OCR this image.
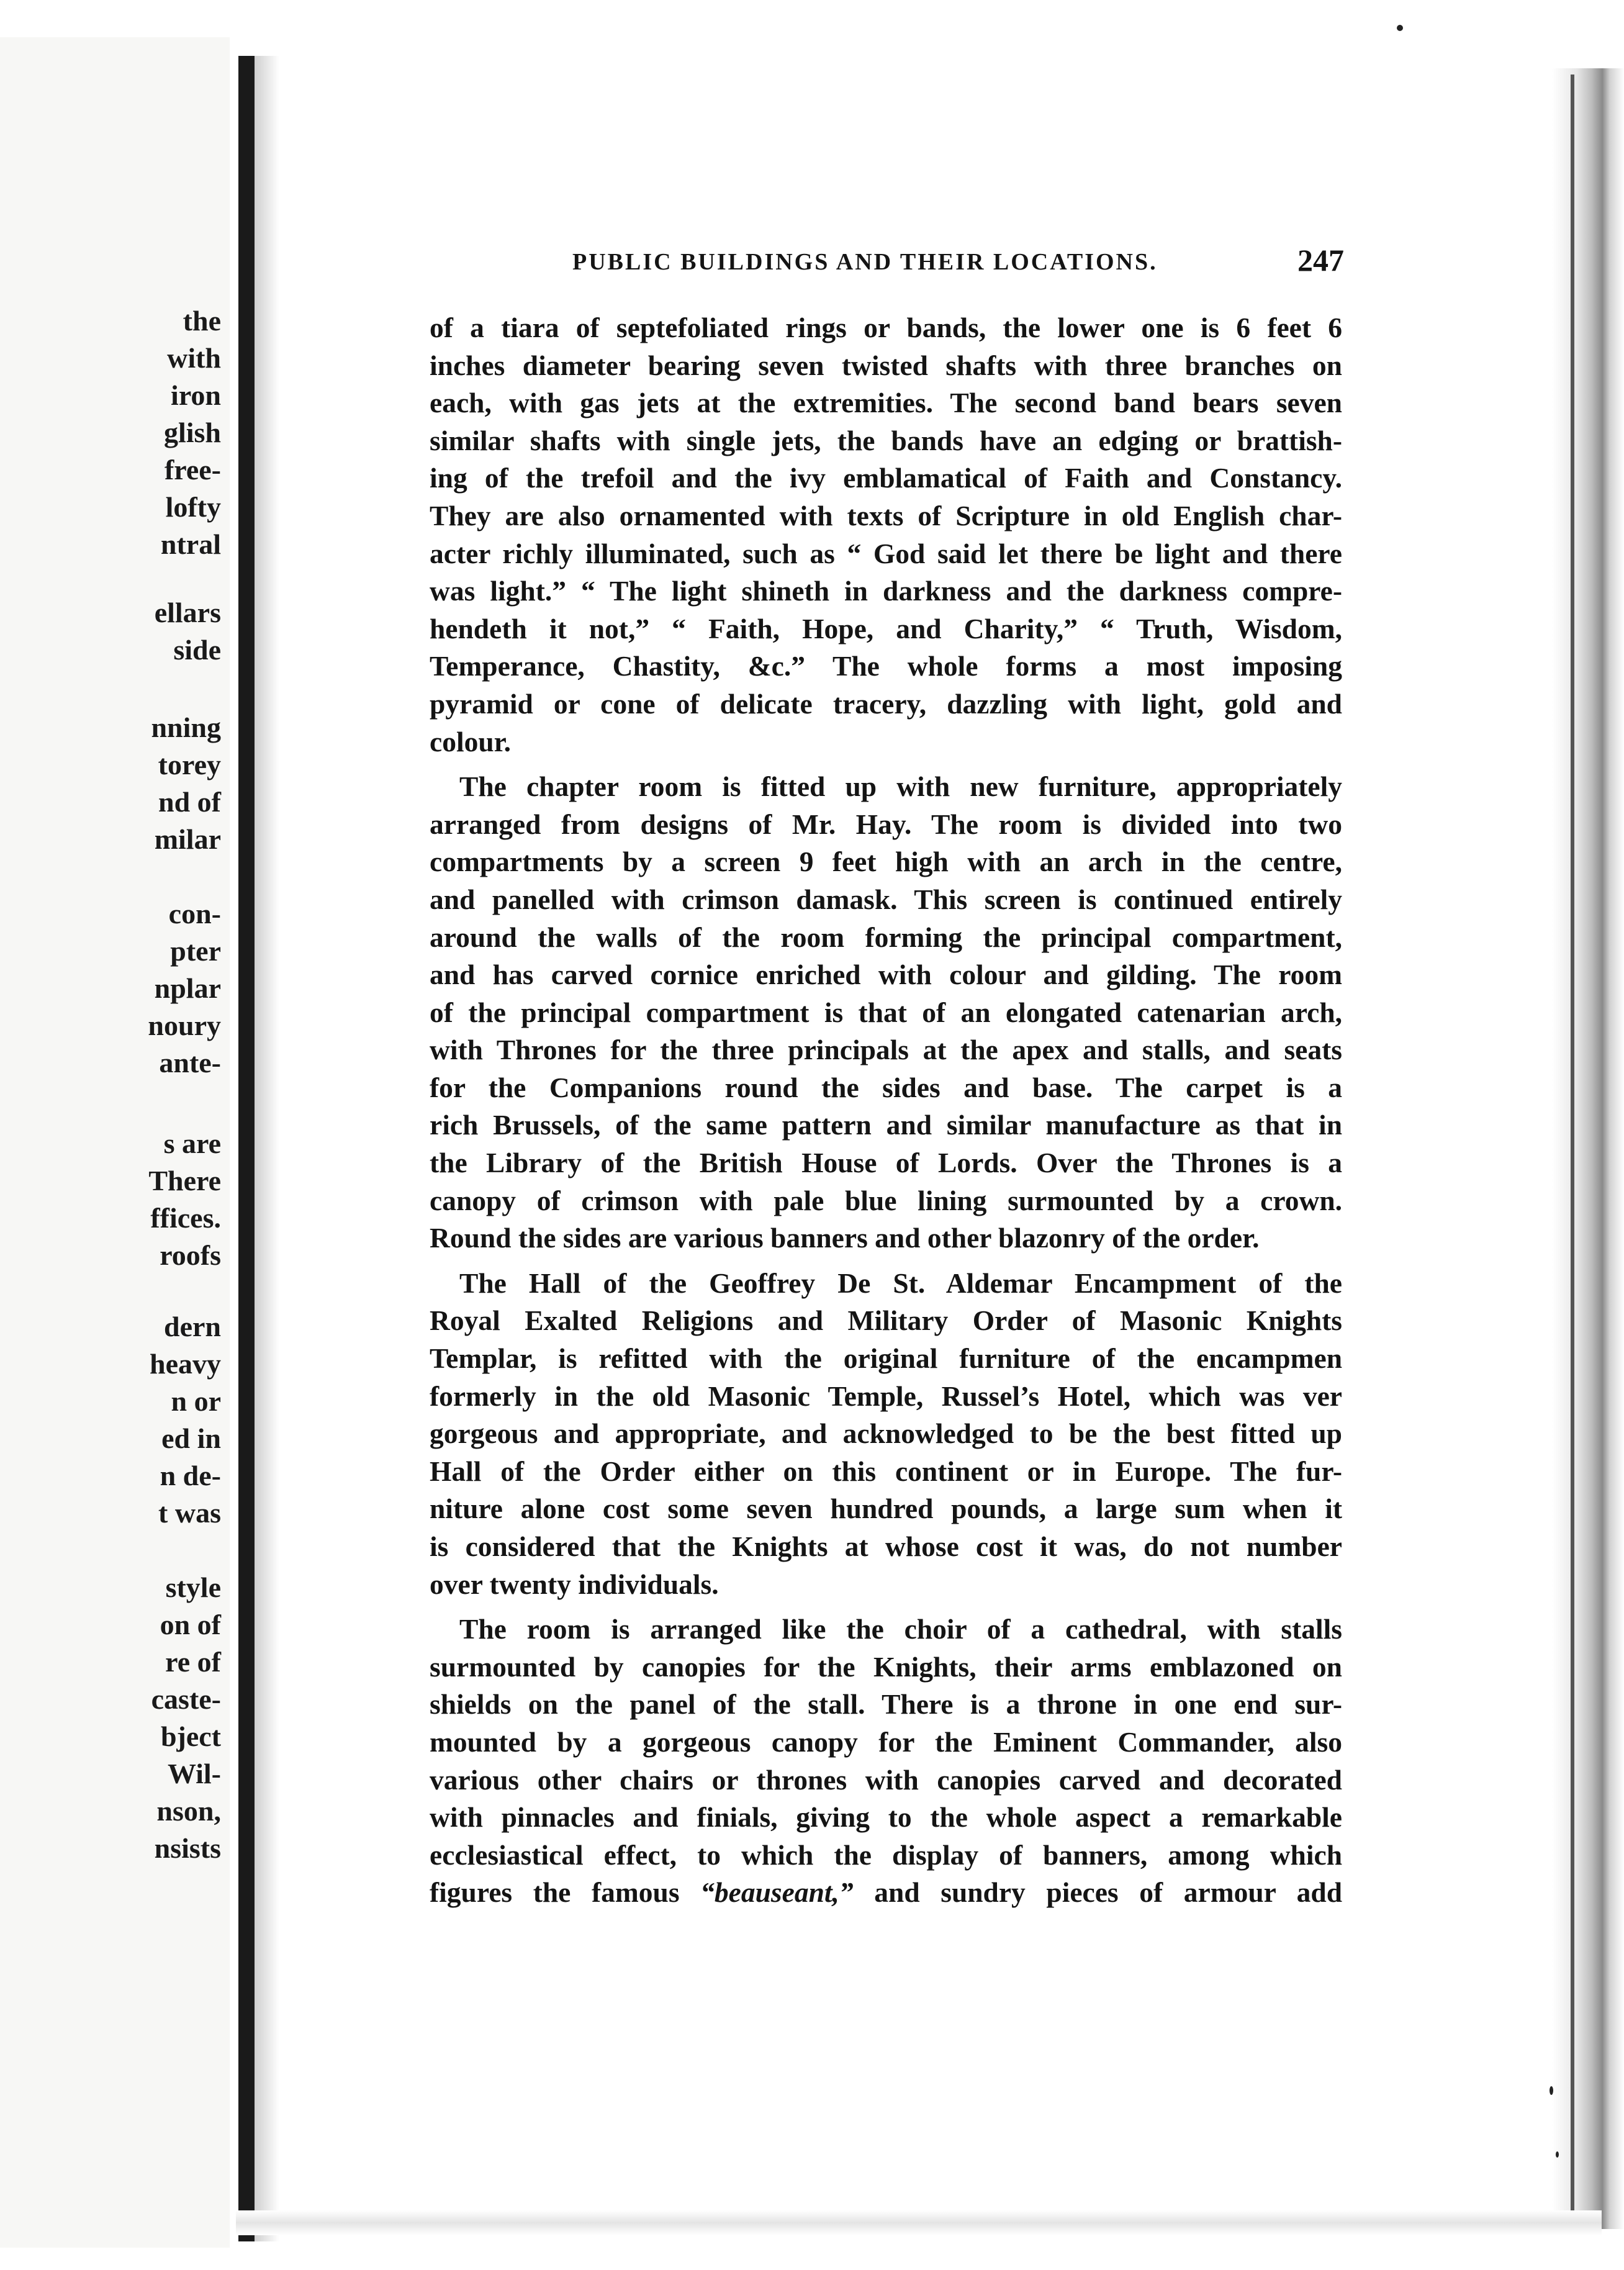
the
with
iron
glish
free-
lofty
ntral
ellars
side
nning
torey
nd of
milar
con-
pter
nplar
noury
ante-
s are
There
ffices.
roofs
dern
heavy
n or
ed in
n de-
t was
style
on of
re of
caste-
bject
Wil-
nson,
nsists
PUBLIC BUILDINGS AND THEIR LOCATIONS.	247
of a tiara of septefoliated rings or bands, the lower one is 6 feet 6
inches diameter bearing seven twisted shafts with three branches on
each, with gas jets at the extremities. The second band bears seven
similar shafts with single jets, the bands have an edging or brattish-
ing of the trefoil and the ivy emblamatical of Faith and Constancy.
They are also ornamented with texts of Scripture in old English char-
acter richly illuminated, such as “ God said let there be light and there
was light.” “ The light shineth in darkness and the darkness compre-
hendeth it not,” “ Faith, Hope, and Charity,” “ Truth, Wisdom,
Temperance, Chastity, &c.” The whole forms a most imposing
pyramid or cone of delicate tracery, dazzling with light, gold and
colour.
The chapter room is fitted up with new furniture, appropriately
arranged from designs of Mr. Hay. The room is divided into two
compartments by a screen 9 feet high with an arch in the centre,
and panelled with crimson damask. This screen is continued entirely
around the walls of the room forming the principal compartment,
and has carved cornice enriched with colour and gilding. The room
of the principal compartment is that of an elongated catenarian arch,
with Thrones for the three principals at the apex and stalls, and seats
for the Companions round the sides and base. The carpet is a
rich Brussels, of the same pattern and similar manufacture as that in
the Library of the British House of Lords. Over the Thrones is a
canopy of crimson with pale blue lining surmounted by a crown.
Round the sides are various banners and other blazonry of the order.
The Hall of the Geoffrey De St. Aldemar Encampment of the
Royal Exalted Religions and Military Order of Masonic Knights
Templar, is refitted with the original furniture of the encampmen
formerly in the old Masonic Temple, Russel’s Hotel, which was ver
gorgeous and appropriate, and acknowledged to be the best fitted up
Hall of the Order either on this continent or in Europe. The fur-
niture alone cost some seven hundred pounds, a large sum when it
is considered that the Knights at whose cost it was, do not number
over twenty individuals.
The room is arranged like the choir of a cathedral, with stalls
surmounted by canopies for the Knights, their arms emblazoned on
shields on the panel of the stall. There is a throne in one end sur-
mounted by a gorgeous canopy for the Eminent Commander, also
various other chairs or thrones with canopies carved and decorated
with pinnacles and finials, giving to the whole aspect a remarkable
ecclesiastical effect, to which the display of banners, among which
figures the famous “beauseant,” and sundry pieces of armour add
